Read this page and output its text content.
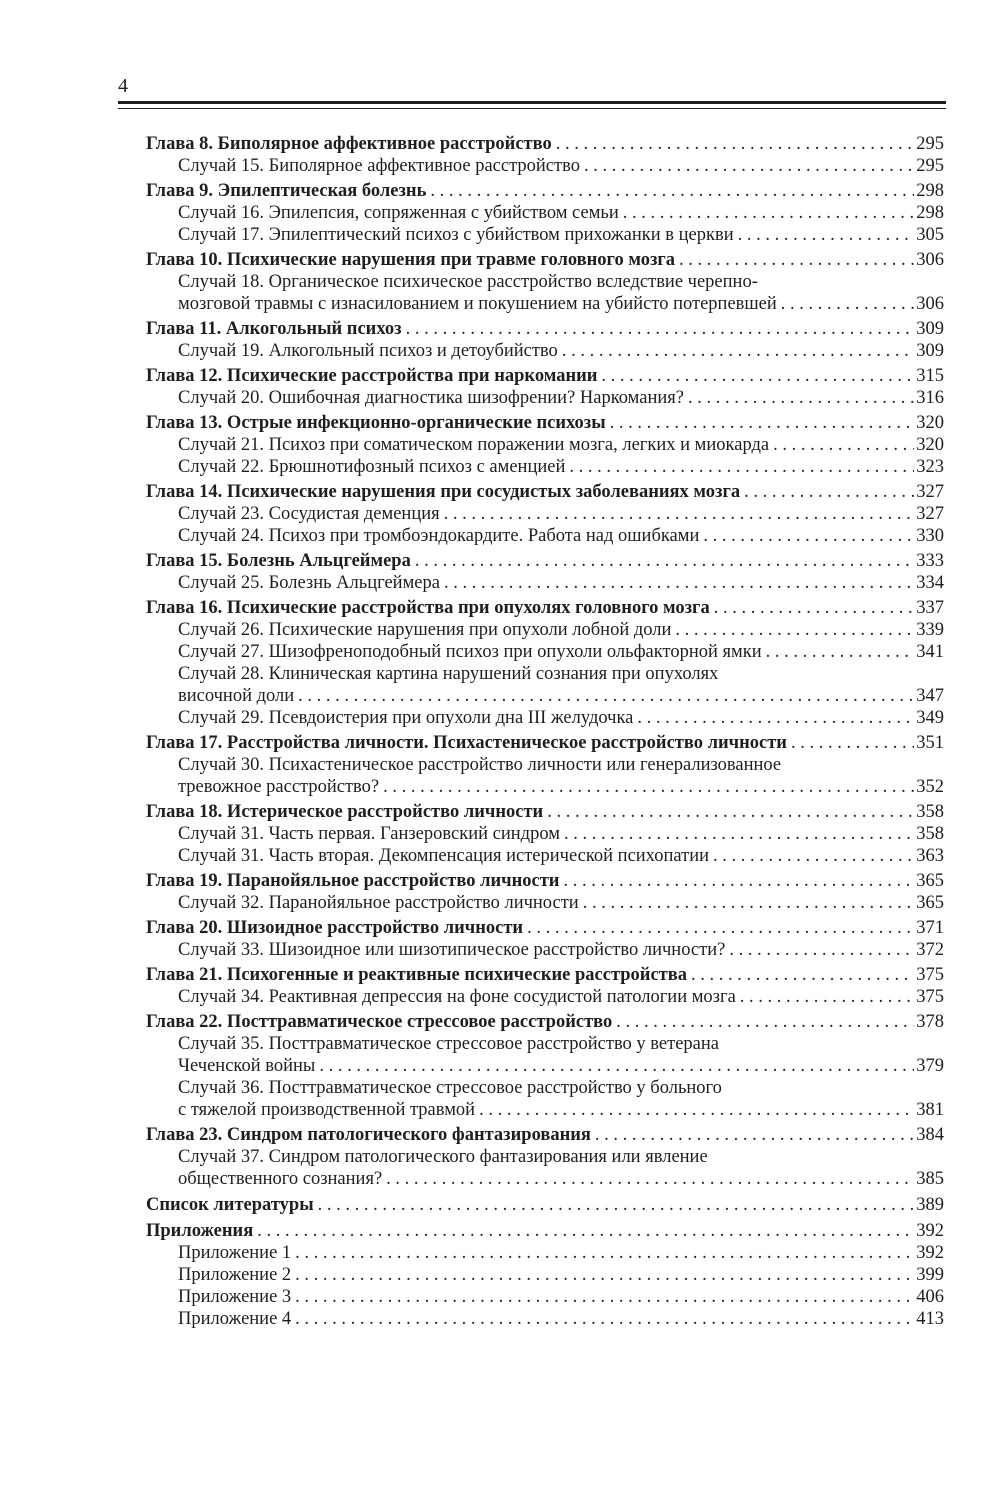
4
Глава 8. Биполярное аффективное расстройство . . .	295
Случай 15. Биполярное аффективное расстройство . . .	295
Глава 9. Эпилептическая болезнь . . .	298
Случай 16. Эпилепсия, сопряженная с убийством семьи . . .	298
Случай 17. Эпилептический психоз с убийством прихожанки в церкви . . .	305
Глава 10. Психические нарушения при травме головного мозга . . .	306
Случай 18. Органическое психическое расстройство вследствие черепно-
мозговой травмы с изнасилованием и покушением на убийсто потерпевшей . . .	306
Глава 11. Алкогольный психоз . . .	309
Случай 19. Алкогольный психоз и детоубийство . . .	309
Глава 12. Психические расстройства при наркомании . . .	315
Случай 20. Ошибочная диагностика шизофрении? Наркомания? . . .	316
Глава 13. Острые инфекционно-органические психозы . . .	320
Случай 21. Психоз при соматическом поражении мозга, легких и миокарда . . .	320
Случай 22. Брюшнотифозный психоз с аменцией . . .	323
Глава 14. Психические нарушения при сосудистых заболеваниях мозга . . .	327
Случай 23. Сосудистая деменция . . .	327
Случай 24. Психоз при тромбоэндокардите. Работа над ошибками . . .	330
Глава 15. Болезнь Альцгеймера . . .	333
Случай 25. Болезнь Альцгеймера . . .	334
Глава 16. Психические расстройства при опухолях головного мозга . . .	337
Случай 26. Психические нарушения при опухоли лобной доли . . .	339
Случай 27. Шизофреноподобный психоз при опухоли ольфакторной ямки . . .	341
Случай 28. Клиническая картина нарушений сознания при опухолях
височной доли . . .	347
Случай 29. Псевдоистерия при опухоли дна III желудочка . . .	349
Глава 17. Расстройства личности. Психастеническое расстройство личности . . .	351
Случай 30. Психастеническое расстройство личности или генерализованное
тревожное расстройство? . . .	352
Глава 18. Истерическое расстройство личности . . .	358
Случай 31. Часть первая. Ганзеровский синдром . . .	358
Случай 31. Часть вторая. Декомпенсация истерической психопатии . . .	363
Глава 19. Паранойяльное расстройство личности . . .	365
Случай 32. Паранойяльное расстройство личности . . .	365
Глава 20. Шизоидное расстройство личности . . .	371
Случай 33. Шизоидное или шизотипическое расстройство личности? . . .	372
Глава 21. Психогенные и реактивные психические расстройства . . .	375
Случай 34. Реактивная депрессия на фоне сосудистой патологии мозга . . .	375
Глава 22. Посттравматическое стрессовое расстройство . . .	378
Случай 35. Посттравматическое стрессовое расстройство у ветерана
Чеченской войны . . .	379
Случай 36. Посттравматическое стрессовое расстройство у больного
с тяжелой производственной травмой . . .	381
Глава 23. Синдром патологического фантазирования . . .	384
Случай 37. Синдром патологического фантазирования или явление
общественного сознания? . . .	385
Список литературы . . .	389
Приложения . . .	392
Приложение 1 . . .	392
Приложение 2 . . .	399
Приложение 3 . . .	406
Приложение 4 . . .	413
